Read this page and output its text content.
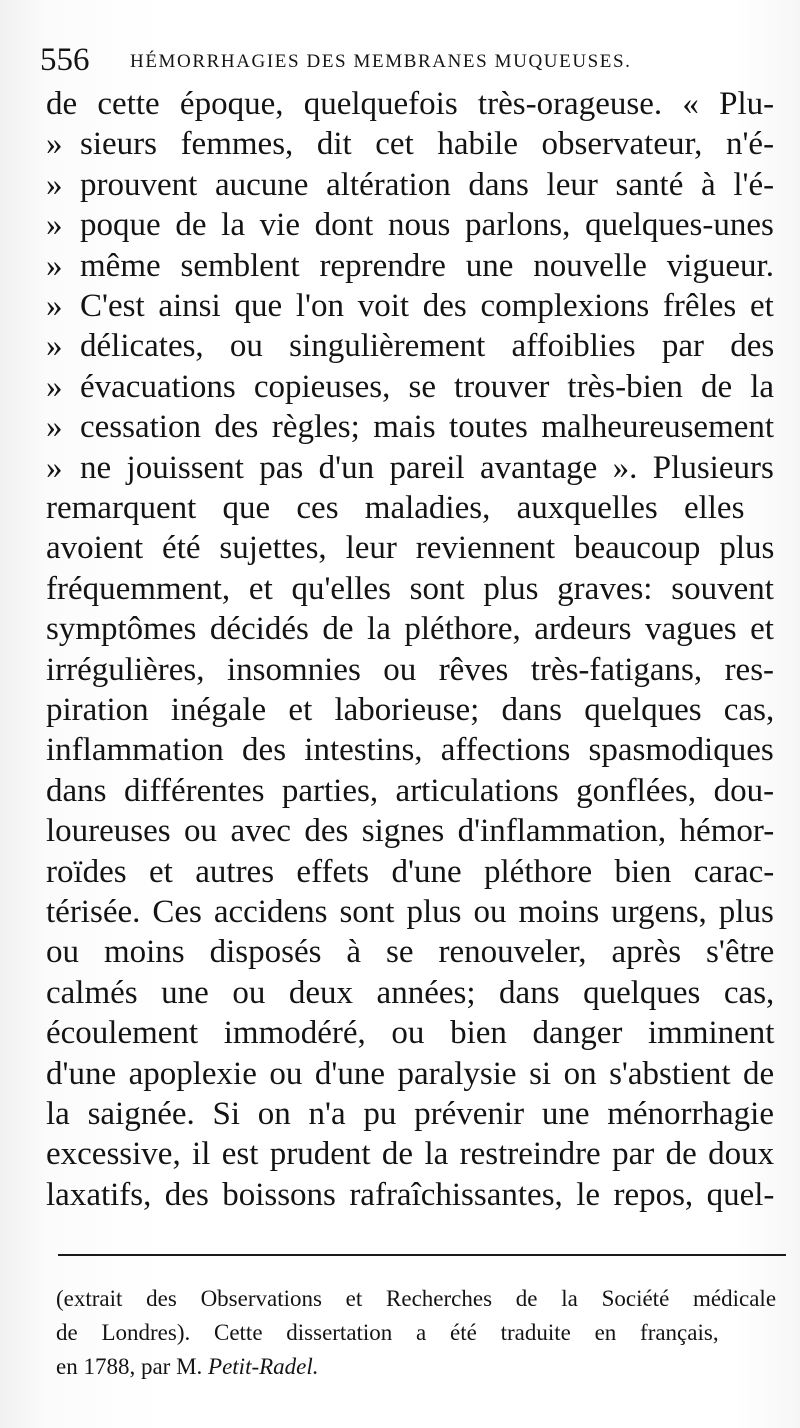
556 HÉMORRHAGIES DES MEMBRANES MUQUEUSES.
de cette époque, quelquefois très-orageuse. « Plu-
» sieurs femmes, dit cet habile observateur, n'é-
» prouvent aucune altération dans leur santé à l'é-
» poque de la vie dont nous parlons, quelques-unes
» même semblent reprendre une nouvelle vigueur.
» C'est ainsi que l'on voit des complexions frêles et
» délicates, ou singulièrement affoiblies par des
» évacuations copieuses, se trouver très-bien de la
» cessation des règles; mais toutes malheureusement
» ne jouissent pas d'un pareil avantage ». Plusieurs
remarquent que ces maladies, auxquelles elles
avoient été sujettes, leur reviennent beaucoup plus
fréquemment, et qu'elles sont plus graves: souvent
symptômes décidés de la pléthore, ardeurs vagues et
irrégulières, insomnies ou rêves très-fatigans, res-
piration inégale et laborieuse; dans quelques cas,
inflammation des intestins, affections spasmodiques
dans différentes parties, articulations gonflées, dou-
loureuses ou avec des signes d'inflammation, hémor-
roïdes et autres effets d'une pléthore bien carac-
térisée. Ces accidens sont plus ou moins urgens, plus
ou moins disposés à se renouveler, après s'être
calmés une ou deux années; dans quelques cas,
écoulement immodéré, ou bien danger imminent
d'une apoplexie ou d'une paralysie si on s'abstient de
la saignée. Si on n'a pu prévenir une ménorrhagie
excessive, il est prudent de la restreindre par de doux
laxatifs, des boissons rafraîchissantes, le repos, quel-
(extrait des Observations et Recherches de la Société médicale
de Londres). Cette dissertation a été traduite en français,
en 1788, par M. Petit-Radel.
